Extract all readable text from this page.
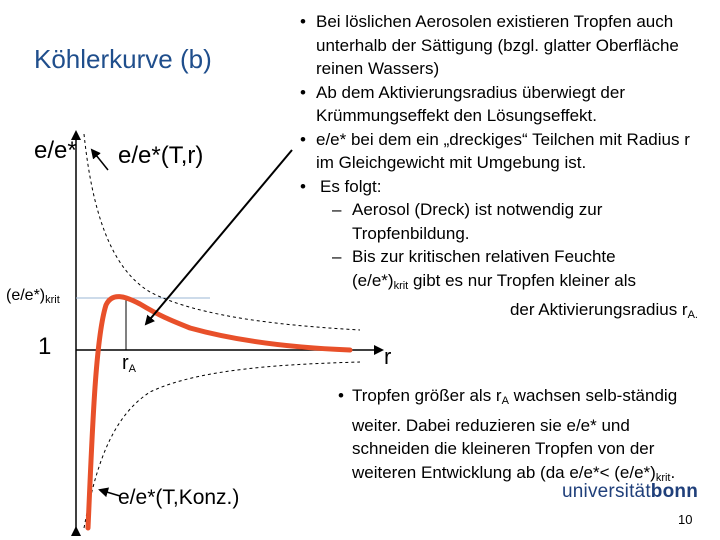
Köhlerkurve (b)
e/e* e/e*(T,r)
$(e/e*)_{krit}$
1
$r_A$	r
e/e*(T,Konz.)
• Bei löslichen Aerosolen existieren Tropfen auch unterhalb der Sättigung (bzgl. glatter Oberfläche reinen Wassers)
• Ab dem Aktivierungsradius überwiegt der Krümmungseffekt den Lösungseffekt.
• e/e* bei dem ein „dreckiges“ Teilchen mit Radius r im Gleichgewicht mit Umgebung ist.
• Es folgt:
– Aerosol (Dreck) ist notwendig zur Tropfenbildung.
– Bis zur kritischen relativen Feuchte
$(e/e*)_{krit}$ gibt es nur Tropfen kleiner als
der Aktivierungsradius $r_{A.}$
• Tropfen größer als $r_A$ wachsen selb-ständig weiter. Dabei reduzieren sie e/e* und schneiden die kleineren Tropfen von der weiteren Entwicklung ab (da $e/e*< (e/e*)_{krit}$.
universitätbonn
10
